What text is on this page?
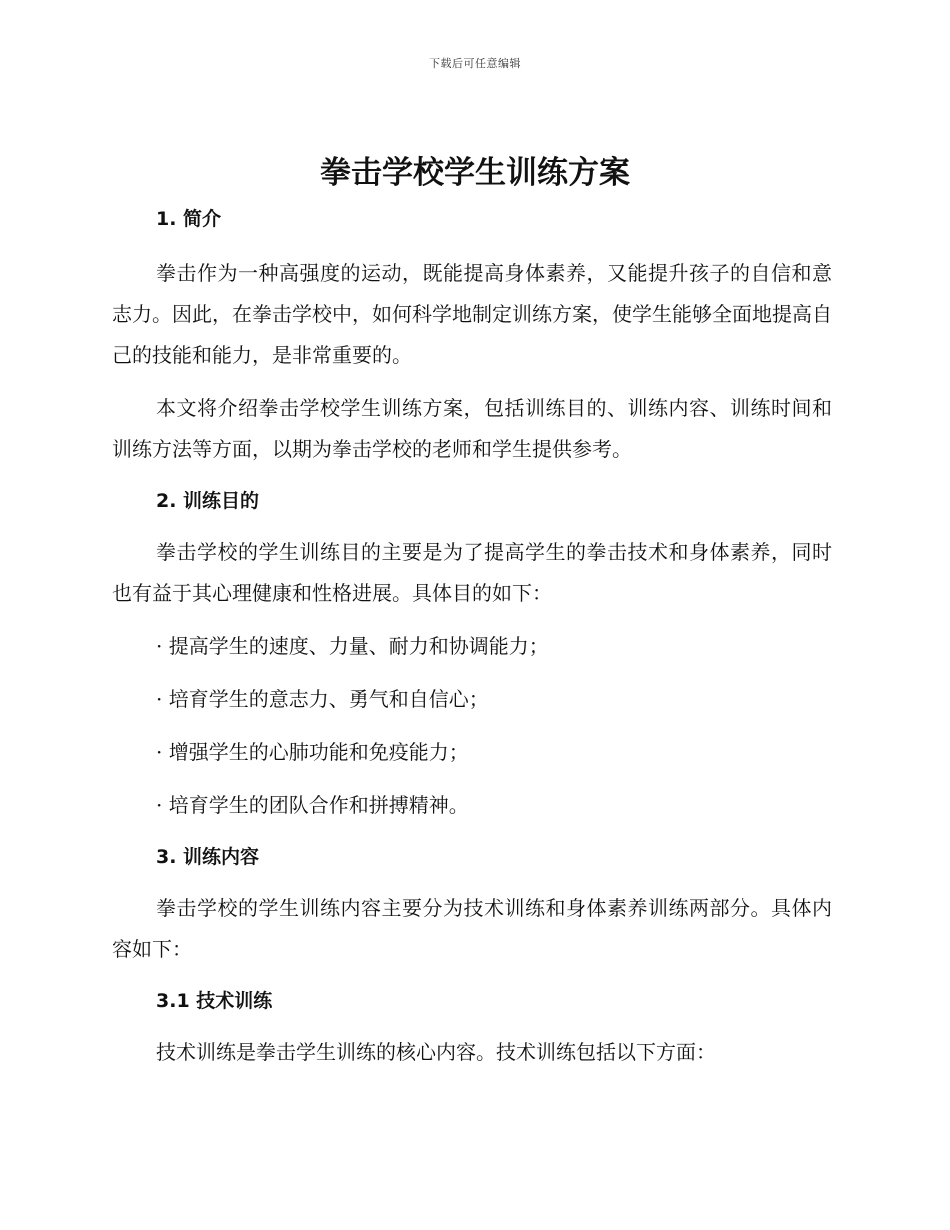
下载后可任意编辑
拳击学校学生训练方案
1. 简介

拳击作为一种高强度的运动，既能提高身体素养，又能提升孩子的自信和意志力。因此，在拳击学校中，如何科学地制定训练方案，使学生能够全面地提高自己的技能和能力，是非常重要的。

本文将介绍拳击学校学生训练方案，包括训练目的、训练内容、训练时间和训练方法等方面，以期为拳击学校的老师和学生提供参考。

2. 训练目的

拳击学校的学生训练目的主要是为了提高学生的拳击技术和身体素养，同时也有益于其心理健康和性格进展。具体目的如下：

· 提高学生的速度、力量、耐力和协调能力；

· 培育学生的意志力、勇气和自信心；

· 增强学生的心肺功能和免疫能力；

· 培育学生的团队合作和拼搏精神。

3. 训练内容

拳击学校的学生训练内容主要分为技术训练和身体素养训练两部分。具体内容如下：

3.1 技术训练

技术训练是拳击学生训练的核心内容。技术训练包括以下方面：
